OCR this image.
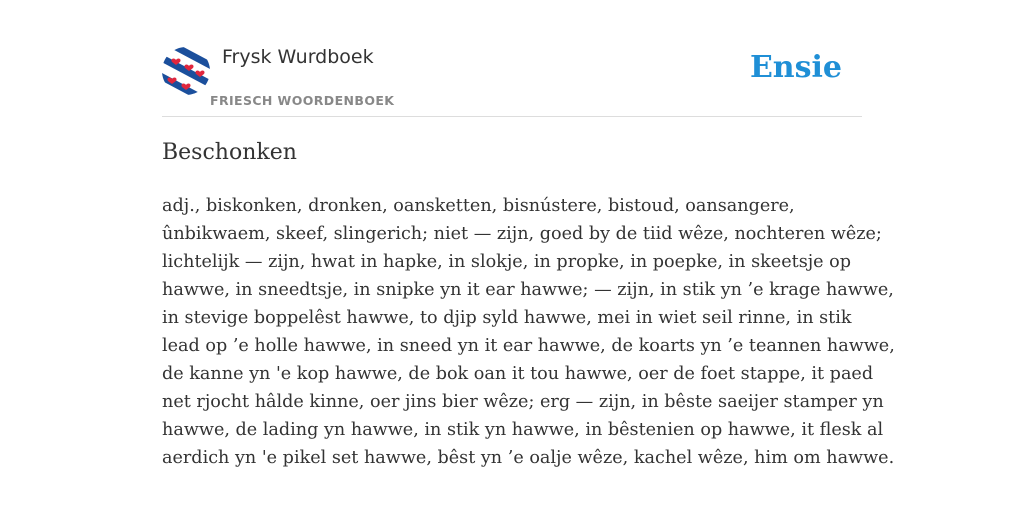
Frysk Wurdboek
FRIESCH WOORDENBOEK
Ensie
Beschonken
adj., biskonken, dronken, oansketten, bisnústere, bistoud, oansangere,
ûnbikwaem, skeef, slingerich; niet — zijn, goed by de tiid wêze, nochteren wêze;
lichtelijk — zijn, hwat in hapke, in slokje, in propke, in poepke, in skeetsje op
hawwe, in sneedtsje, in snipke yn it ear hawwe; — zijn, in stik yn ’e krage hawwe,
in stevige boppelêst hawwe, to djip syld hawwe, mei in wiet seil rinne, in stik
lead op ’e holle hawwe, in sneed yn it ear hawwe, de koarts yn ’e teannen hawwe,
de kanne yn 'e kop hawwe, de bok oan it tou hawwe, oer de foet stappe, it paed
net rjocht hâlde kinne, oer jins bier wêze; erg — zijn, in bêste saeijer stamper yn
hawwe, de lading yn hawwe, in stik yn hawwe, in bêstenien op hawwe, it flesk al
aerdich yn 'e pikel set hawwe, bêst yn ’e oalje wêze, kachel wêze, him om hawwe.
